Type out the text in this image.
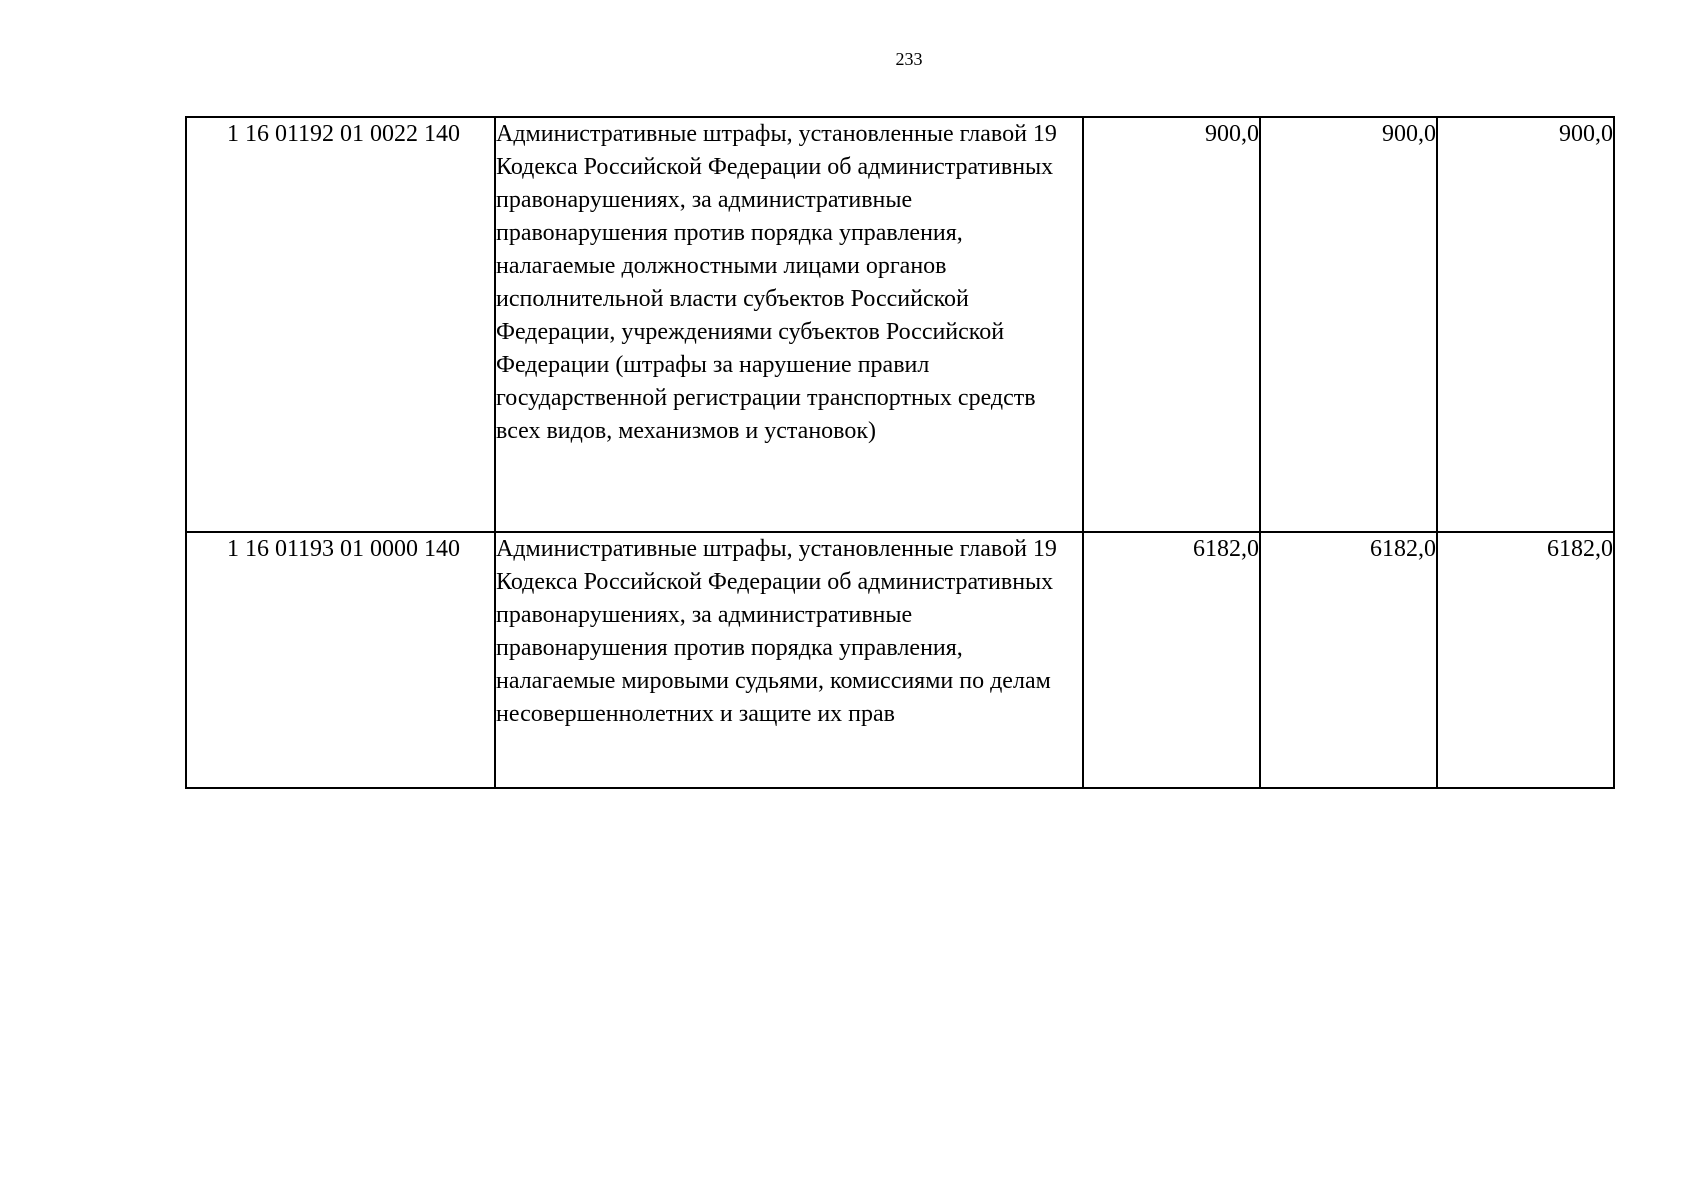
233
1 16 01192 01 0022 140	Административные штрафы, установленные главой 19 Кодекса Российской Федерации об административных правонарушениях, за административные правонарушения против порядка управления, налагаемые должностными лицами органов исполнительной власти субъектов Российской Федерации, учреждениями субъектов Российской Федерации (штрафы за нарушение правил государственной регистрации транспортных средств всех видов, механизмов и установок)	900,0	900,0	900,0

1 16 01193 01 0000 140	Административные штрафы, установленные главой 19 Кодекса Российской Федерации об административных правонарушениях, за административные правонарушения против порядка управления, налагаемые мировыми судьями, комиссиями по делам несовершеннолетних и защите их прав	6182,0	6182,0	6182,0
